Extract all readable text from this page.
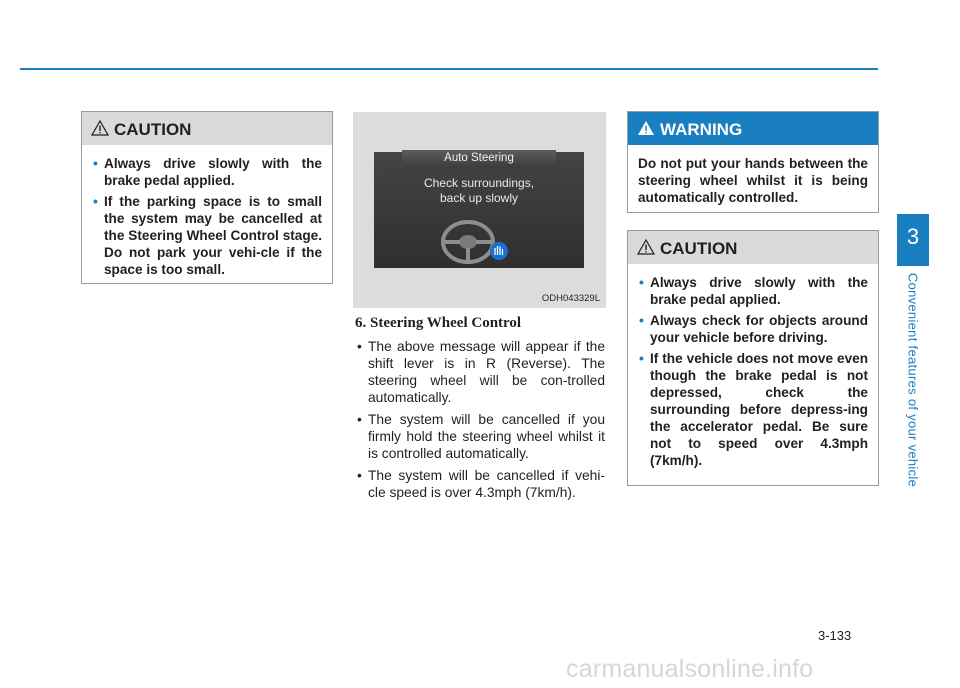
CAUTION
• Always drive slowly with the brake pedal applied.
• If the parking space is to small the system may be cancelled at the Steering Wheel Control stage. Do not park your vehi-cle if the space is too small.
Auto Steering
Check surroundings,
back up slowly
ODH043329L
6. Steering Wheel Control
• The above message will appear if the shift lever is in R (Reverse). The steering wheel will be con-trolled automatically.
• The system will be cancelled if you firmly hold the steering wheel whilst it is controlled automatically.
• The system will be cancelled if vehi-cle speed is over 4.3mph (7km/h).
WARNING
Do not put your hands between the steering wheel whilst it is being automatically controlled.
CAUTION
• Always drive slowly with the brake pedal applied.
• Always check for objects around your vehicle before driving.
• If the vehicle does not move even though the brake pedal is not depressed, check the surrounding before depress-ing the accelerator pedal. Be sure not to speed over 4.3mph (7km/h).
3
Convenient features of your vehicle
3-133
carmanualsonline.info
